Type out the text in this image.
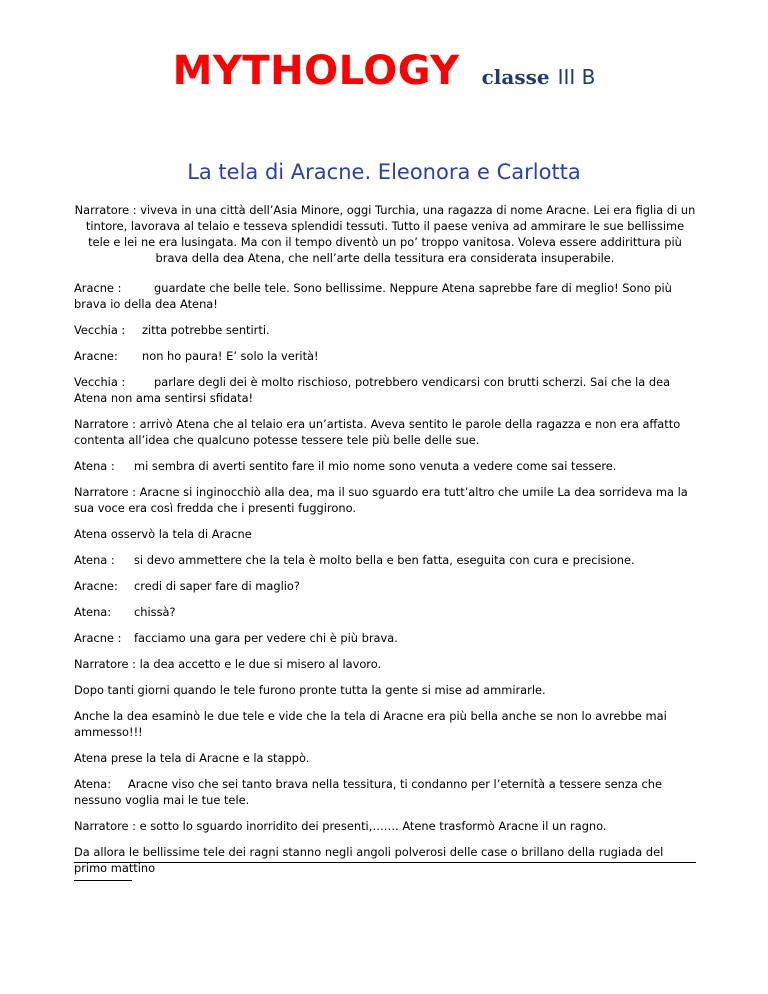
MYTHOLOGY classe III B
La tela di Aracne. Eleonora e Carlotta

Narratore : viveva in una città dell’Asia Minore, oggi Turchia, una ragazza di nome Aracne. Lei era figlia di un tintore, lavorava al telaio e tesseva splendidi tessuti. Tutto il paese veniva ad ammirare le sue bellissime tele e lei ne era lusingata. Ma con il tempo diventò un po’ troppo vanitosa. Voleva essere addirittura più brava della dea Atena, che nell’arte della tessitura era considerata insuperabile.

Aracne :	guardate che belle tele. Sono bellissime. Neppure Atena saprebbe fare di meglio! Sono più brava io della dea Atena!

Vecchia : zitta potrebbe sentirti.

Aracne: non ho paura! E’ solo la verità!

Vecchia :	parlare degli dei è molto rischioso, potrebbero vendicarsi con brutti scherzi. Sai che la dea Atena non ama sentirsi sfidata!

Narratore : arrivò Atena che al telaio era un’artista. Aveva sentito le parole della ragazza e non era affatto contenta all’idea che qualcuno potesse tessere tele più belle delle sue.

Atena : mi sembra di averti sentito fare il mio nome sono venuta a vedere come sai tessere.

Narratore : Aracne si inginocchiò alla dea, ma il suo sguardo era tutt’altro che umile La dea sorrideva ma la sua voce era così fredda che i presenti fuggirono.

Atena osservò la tela di Aracne

Atena : si devo ammettere che la tela è molto bella e ben fatta, eseguita con cura e precisione.

Aracne: credi di saper fare di maglio?

Atena: chissà?

Aracne : facciamo una gara per vedere chi è più brava.

Narratore : la dea accetto e le due si misero al lavoro.

Dopo tanti giorni quando le tele furono pronte tutta la gente si mise ad ammirarle.

Anche la dea esaminò le due tele e vide che la tela di Aracne era più bella anche se non lo avrebbe mai ammesso!!!

Atena prese la tela di Aracne e la stappò.

Atena: Aracne viso che sei tanto brava nella tessitura, ti condanno per l’eternità a tessere senza che nessuno voglia mai le tue tele.

Narratore : e sotto lo sguardo inorridito dei presenti,……. Atene trasformò Aracne il un ragno.

Da allora le bellissime tele dei ragni stanno negli angoli polverosi delle case o brillano della rugiada del primo mattino
